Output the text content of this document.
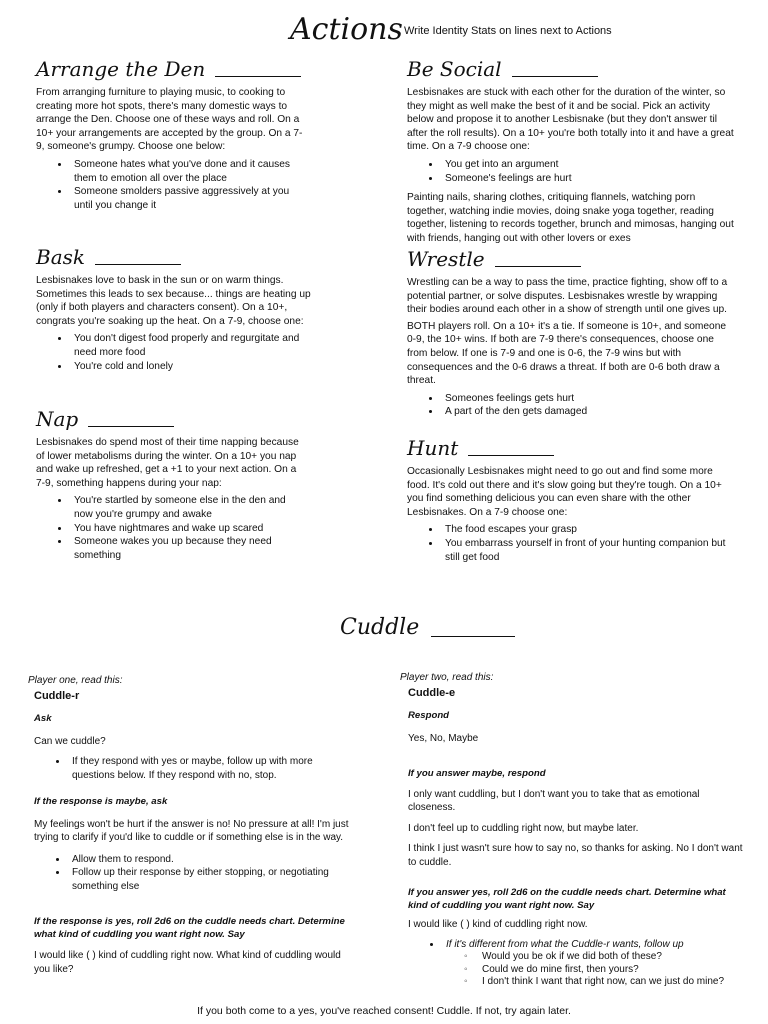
Actions Write Identity Stats on lines next to Actions
Arrange the Den

From arranging furniture to playing music, to cooking to creating more hot spots, there's many domestic ways to arrange the Den. Choose one of these ways and roll. On a 10+ your arrangements are accepted by the group. On a 7-9, someone's grumpy. Choose one below:

• Someone hates what you've done and it causes them to emotion all over the place
• Someone smolders passive aggressively at you until you change it
Bask

Lesbisnakes love to bask in the sun or on warm things. Sometimes this leads to sex because... things are heating up (only if both players and characters consent). On a 10+, congrats you're soaking up the heat. On a 7-9, choose one:

• You don't digest food properly and regurgitate and need more food
• You're cold and lonely
Nap

Lesbisnakes do spend most of their time napping because of lower metabolisms during the winter. On a 10+ you nap and wake up refreshed, get a +1 to your next action. On a 7-9, something happens during your nap:

• You're startled by someone else in the den and now you're grumpy and awake
• You have nightmares and wake up scared
• Someone wakes you up because they need something
Be Social

Lesbisnakes are stuck with each other for the duration of the winter, so they might as well make the best of it and be social. Pick an activity below and propose it to another Lesbisnake (but they don't answer til after the roll results). On a 10+ you're both totally into it and have a great time. On a 7-9 choose one:

• You get into an argument
• Someone's feelings are hurt

Painting nails, sharing clothes, critiquing flannels, watching porn together, watching indie movies, doing snake yoga together, reading together, listening to records together, brunch and mimosas, hanging out with friends, hanging out with other lovers or exes

Wrestle

Wrestling can be a way to pass the time, practice fighting, show off to a potential partner, or solve disputes. Lesbisnakes wrestle by wrapping their bodies around each other in a show of strength until one gives up.

BOTH players roll. On a 10+ it's a tie. If someone is 10+, and someone 0-9, the 10+ wins. If both are 7-9 there's consequences, choose one from below. If one is 7-9 and one is 0-6, the 7-9 wins but with consequences and the 0-6 draws a threat. If both are 0-6 both draw a threat.

• Someones feelings gets hurt
• A part of the den gets damaged
Hunt

Occasionally Lesbisnakes might need to go out and find some more food. It's cold out there and it's slow going but they're tough. On a 10+ you find something delicious you can even share with the other Lesbisnakes. On a 7-9 choose one:

• The food escapes your grasp
• You embarrass yourself in front of your hunting companion but still get food
Cuddle
Player one, read this:
Cuddle-r
Ask
Can we cuddle?
• If they respond with yes or maybe, follow up with more questions below. If they respond with no, stop.
If the response is maybe, ask
My feelings won't be hurt if the answer is no! No pressure at all! I'm just trying to clarify if you'd like to cuddle or if something else is in the way.
• Allow them to respond.
• Follow up their response by either stopping, or negotiating something else
If the response is yes, roll 2d6 on the cuddle needs chart. Determine what kind of cuddling you want right now. Say
I would like ( ) kind of cuddling right now. What kind of cuddling would you like?
Player two, read this:
Cuddle-e
Respond
Yes, No, Maybe
If you answer maybe, respond
I only want cuddling, but I don't want you to take that as emotional closeness.
I don't feel up to cuddling right now, but maybe later.
I think I just wasn't sure how to say no, so thanks for asking. No I don't want to cuddle.
If you answer yes, roll 2d6 on the cuddle needs chart. Determine what kind of cuddling you want right now. Say
I would like ( ) kind of cuddling right now.
• If it's different from what the Cuddle-r wants, follow up
◦ Would you be ok if we did both of these?
◦ Could we do mine first, then yours?
◦ I don't think I want that right now, can we just do mine?
If you both come to a yes, you've reached consent! Cuddle. If not, try again later.
